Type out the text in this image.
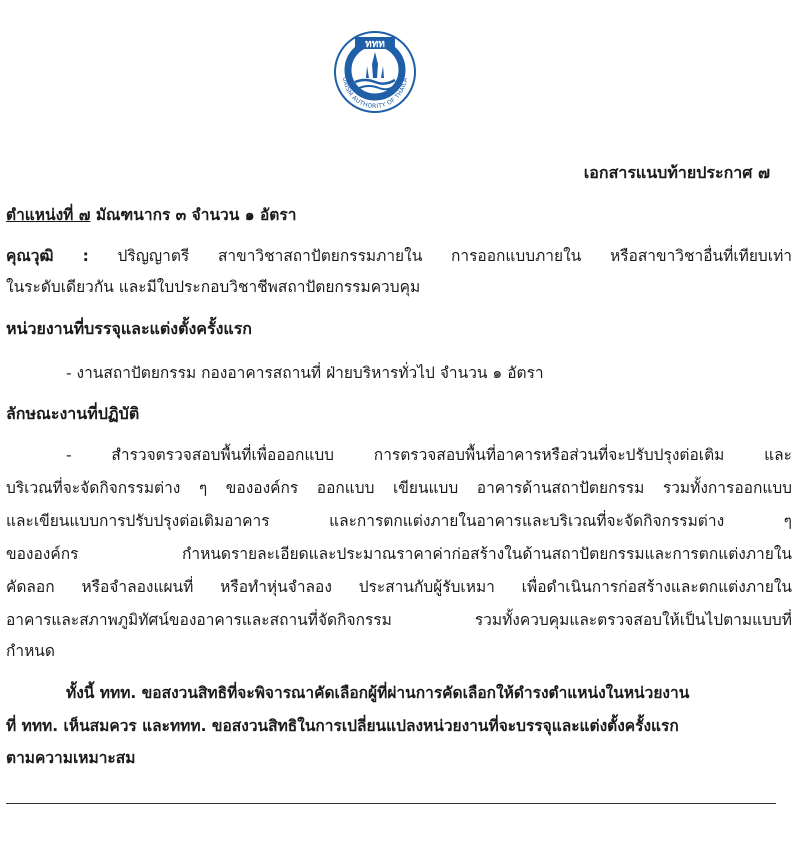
ททท
URISM AUTHORITY OF THAILA
เอกสารแนบท้ายประกาศ ๗
ตำแหน่งที่ ๗ มัณฑนากร ๓ จำนวน ๑ อัตรา
คุณวุฒิ : ปริญญาตรี สาขาวิชาสถาปัตยกรรมภายใน การออกแบบภายใน หรือสาขาวิชาอื่นที่เทียบเท่า
ในระดับเดียวกัน และมีใบประกอบวิชาชีพสถาปัตยกรรมควบคุม
หน่วยงานที่บรรจุและแต่งตั้งครั้งแรก
- งานสถาปัตยกรรม กองอาคารสถานที่ ฝ่ายบริหารทั่วไป จำนวน ๑ อัตรา
ลักษณะงานที่ปฏิบัติ
- สำรวจตรวจสอบพื้นที่เพื่อออกแบบ การตรวจสอบพื้นที่อาคารหรือส่วนที่จะปรับปรุงต่อเติม และ
บริเวณที่จะจัดกิจกรรมต่าง ๆ ขององค์กร ออกแบบ เขียนแบบ อาคารด้านสถาปัตยกรรม รวมทั้งการออกแบบ
และเขียนแบบการปรับปรุงต่อเติมอาคาร และการตกแต่งภายในอาคารและบริเวณที่จะจัดกิจกรรมต่าง ๆ
ขององค์กร กำหนดรายละเอียดและประมาณราคาค่าก่อสร้างในด้านสถาปัตยกรรมและการตกแต่งภายใน
คัดลอก หรือจำลองแผนที่ หรือทำหุ่นจำลอง ประสานกับผู้รับเหมา เพื่อดำเนินการก่อสร้างและตกแต่งภายใน
อาคารและสภาพภูมิทัศน์ของอาคารและสถานที่จัดกิจกรรม รวมทั้งควบคุมและตรวจสอบให้เป็นไปตามแบบที่
กำหนด
ทั้งนี้ ททท. ขอสงวนสิทธิที่จะพิจารณาคัดเลือกผู้ที่ผ่านการคัดเลือกให้ดำรงตำแหน่งในหน่วยงาน
ที่ ททท. เห็นสมควร และททท. ขอสงวนสิทธิในการเปลี่ยนแปลงหน่วยงานที่จะบรรจุและแต่งตั้งครั้งแรก
ตามความเหมาะสม
